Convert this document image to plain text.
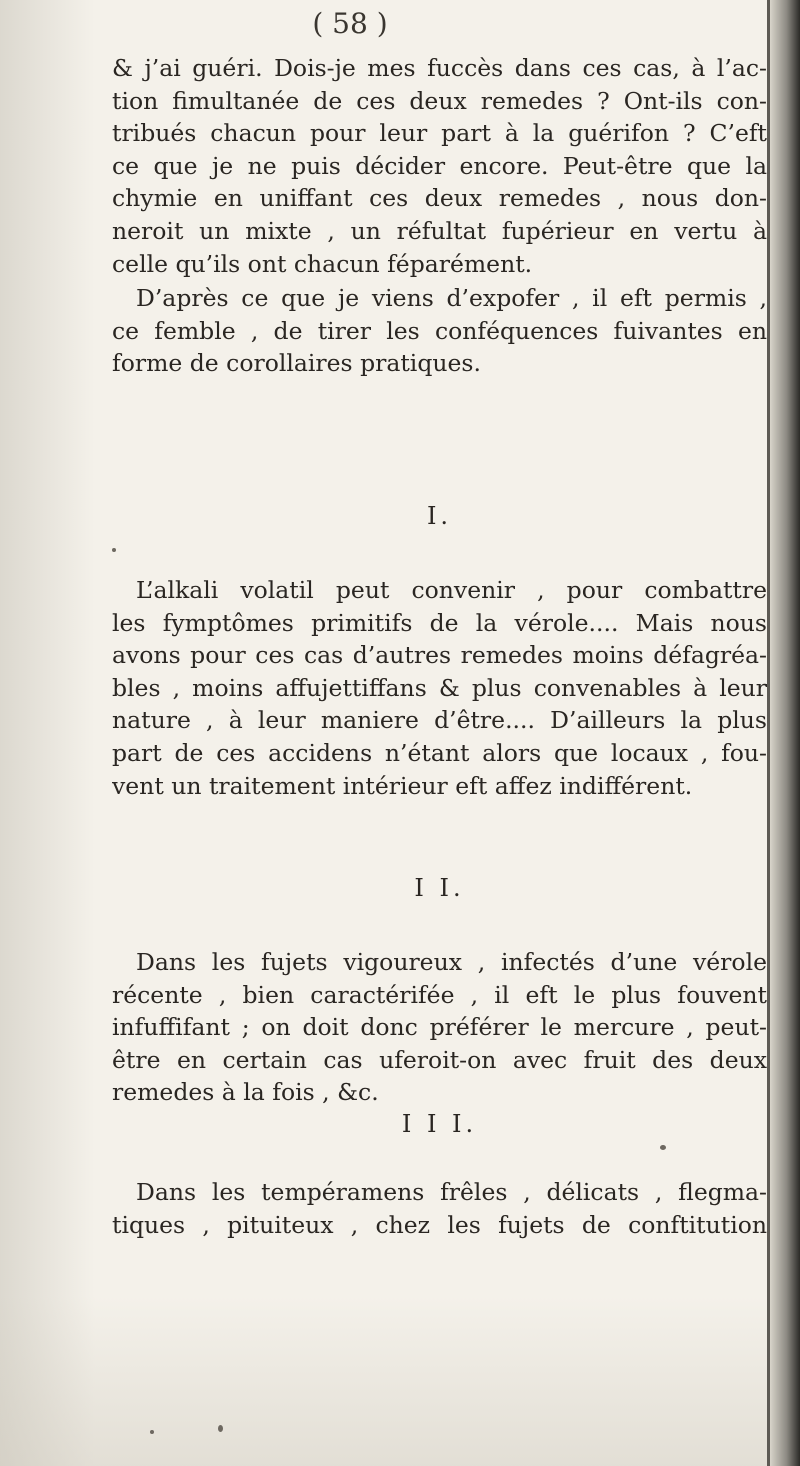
( 58 )
& j’ai guéri. Dois-je mes fuccès dans ces cas, à l’ac-
tion fimultanée de ces deux remedes ? Ont-ils con-
tribués chacun pour leur part à la guérifon ? C’eft
ce que je ne puis décider encore. Peut-être que la
chymie en uniffant ces deux remedes , nous don-
neroit un mixte , un réfultat fupérieur en vertu à
celle qu’ils ont chacun féparément.
D’après ce que je viens d’expofer , il eft permis ,
ce femble , de tirer les conféquences fuivantes en
forme de corollaires pratiques.
I.
L’alkali volatil peut convenir , pour combattre
les fymptômes primitifs de la vérole.... Mais nous
avons pour ces cas d’autres remedes moins défagréa-
bles , moins affujettiffans & plus convenables à leur
nature , à leur maniere d’être.... D’ailleurs la plus
part de ces accidens n’étant alors que locaux , fou-
vent un traitement intérieur eft affez indifférent.
I I.
Dans les fujets vigoureux , infectés d’une vérole
récente , bien caractérifée , il eft le plus fouvent
infuffifant ; on doit donc préférer le mercure , peut-
être en certain cas uferoit-on avec fruit des deux
remedes à la fois , &c.
I I I.
Dans les tempéramens frêles , délicats , flegma-
tiques , pituiteux , chez les fujets de conftitution
